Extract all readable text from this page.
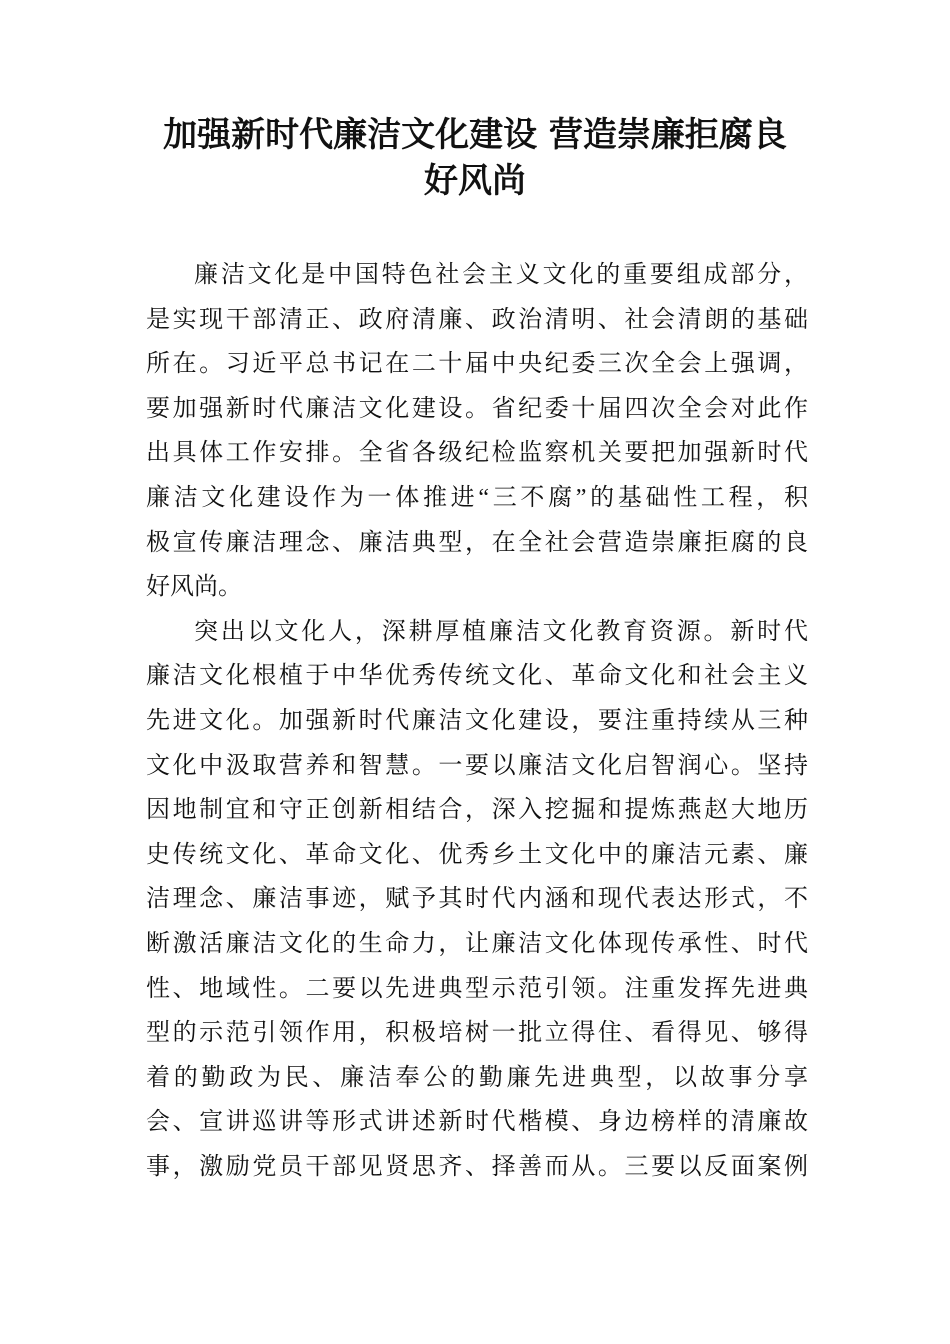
加强新时代廉洁文化建设 营造崇廉拒腐良
好风尚
廉洁文化是中国特色社会主义文化的重要组成部分，
是实现干部清正、政府清廉、政治清明、社会清朗的基础
所在。习近平总书记在二十届中央纪委三次全会上强调，
要加强新时代廉洁文化建设。省纪委十届四次全会对此作
出具体工作安排。全省各级纪检监察机关要把加强新时代
廉洁文化建设作为一体推进“三不腐”的基础性工程，积
极宣传廉洁理念、廉洁典型，在全社会营造崇廉拒腐的良
好风尚。
突出以文化人，深耕厚植廉洁文化教育资源。新时代
廉洁文化根植于中华优秀传统文化、革命文化和社会主义
先进文化。加强新时代廉洁文化建设，要注重持续从三种
文化中汲取营养和智慧。一要以廉洁文化启智润心。坚持
因地制宜和守正创新相结合，深入挖掘和提炼燕赵大地历
史传统文化、革命文化、优秀乡土文化中的廉洁元素、廉
洁理念、廉洁事迹，赋予其时代内涵和现代表达形式，不
断激活廉洁文化的生命力，让廉洁文化体现传承性、时代
性、地域性。二要以先进典型示范引领。注重发挥先进典
型的示范引领作用，积极培树一批立得住、看得见、够得
着的勤政为民、廉洁奉公的勤廉先进典型，以故事分享
会、宣讲巡讲等形式讲述新时代楷模、身边榜样的清廉故
事，激励党员干部见贤思齐、择善而从。三要以反面案例
